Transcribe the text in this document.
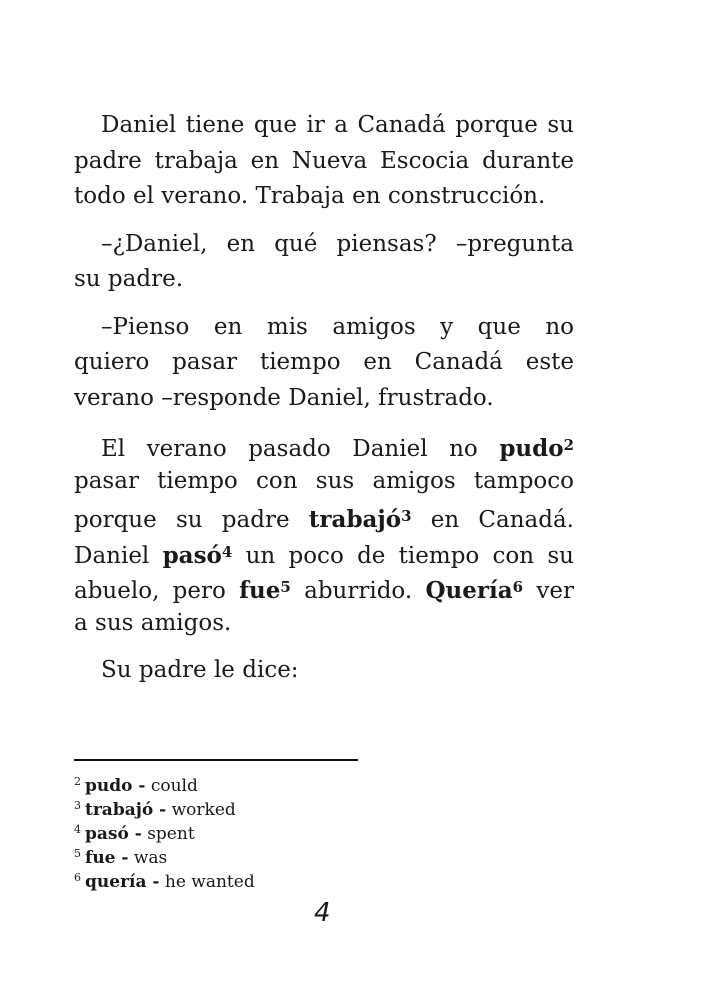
Daniel tiene que ir a Canadá porque su
padre trabaja en Nueva Escocia durante
todo el verano. Trabaja en construcción.
–¿Daniel, en qué piensas? –pregunta
su padre.
–Pienso en mis amigos y que no
quiero pasar tiempo en Canadá este
verano –responde Daniel, frustrado.
El verano pasado Daniel no pudo$^2$
pasar tiempo con sus amigos tampoco
porque su padre trabajó$^3$ en Canadá.
Daniel pasó$^4$ un poco de tiempo con su
abuelo, pero fue$^5$ aburrido. Quería$^6$ ver
a sus amigos.
Su padre le dice:
$^2$ pudo - could
$^3$ trabajó - worked
$^4$ pasó - spent
$^5$ fue - was
$^6$ quería - he wanted
4
